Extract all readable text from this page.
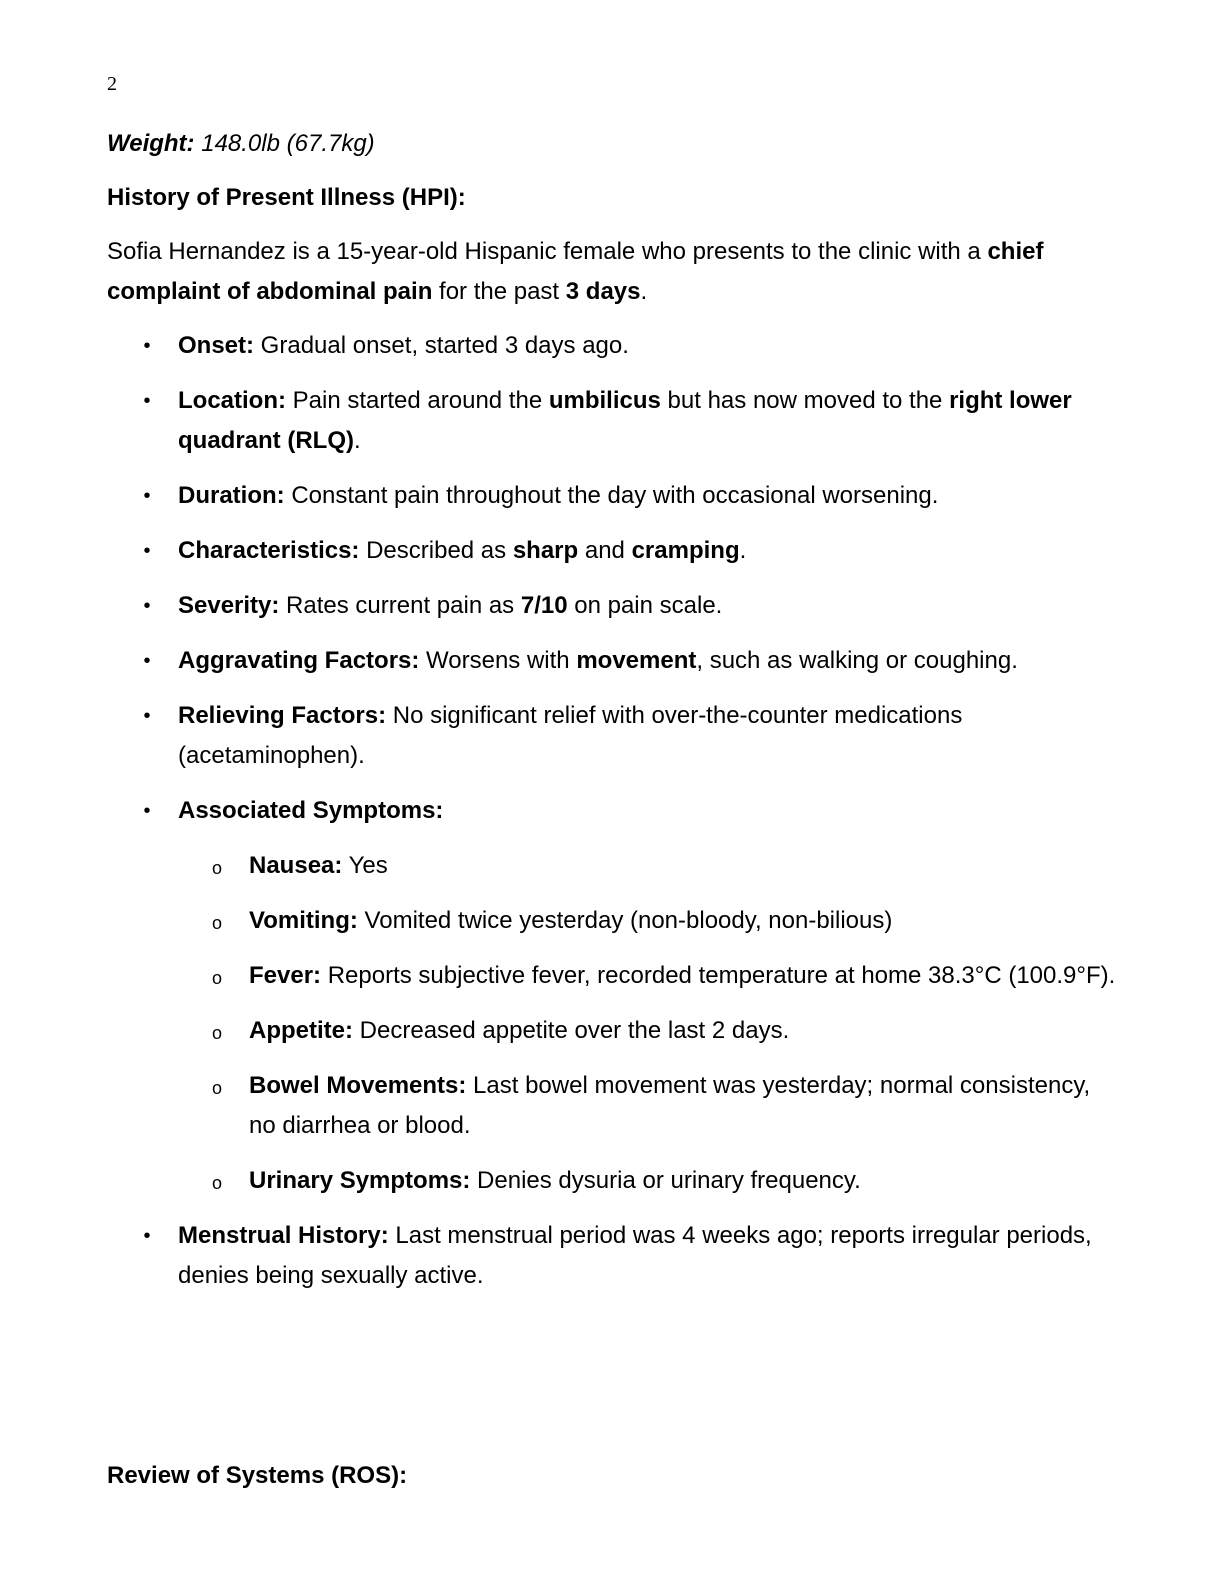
2

Weight: 148.0lb (67.7kg)

History of Present Illness (HPI):

Sofia Hernandez is a 15-year-old Hispanic female who presents to the clinic with a chief complaint of abdominal pain for the past 3 days.

• Onset: Gradual onset, started 3 days ago.
• Location: Pain started around the umbilicus but has now moved to the right lower quadrant (RLQ).
• Duration: Constant pain throughout the day with occasional worsening.
• Characteristics: Described as sharp and cramping.
• Severity: Rates current pain as 7/10 on pain scale.
• Aggravating Factors: Worsens with movement, such as walking or coughing.
• Relieving Factors: No significant relief with over-the-counter medications (acetaminophen).
• Associated Symptoms:
o Nausea: Yes
o Vomiting: Vomited twice yesterday (non-bloody, non-bilious)
o Fever: Reports subjective fever, recorded temperature at home 38.3°C (100.9°F).
o Appetite: Decreased appetite over the last 2 days.
o Bowel Movements: Last bowel movement was yesterday; normal consistency, no diarrhea or blood.
o Urinary Symptoms: Denies dysuria or urinary frequency.
• Menstrual History: Last menstrual period was 4 weeks ago; reports irregular periods, denies being sexually active.
Review of Systems (ROS):
